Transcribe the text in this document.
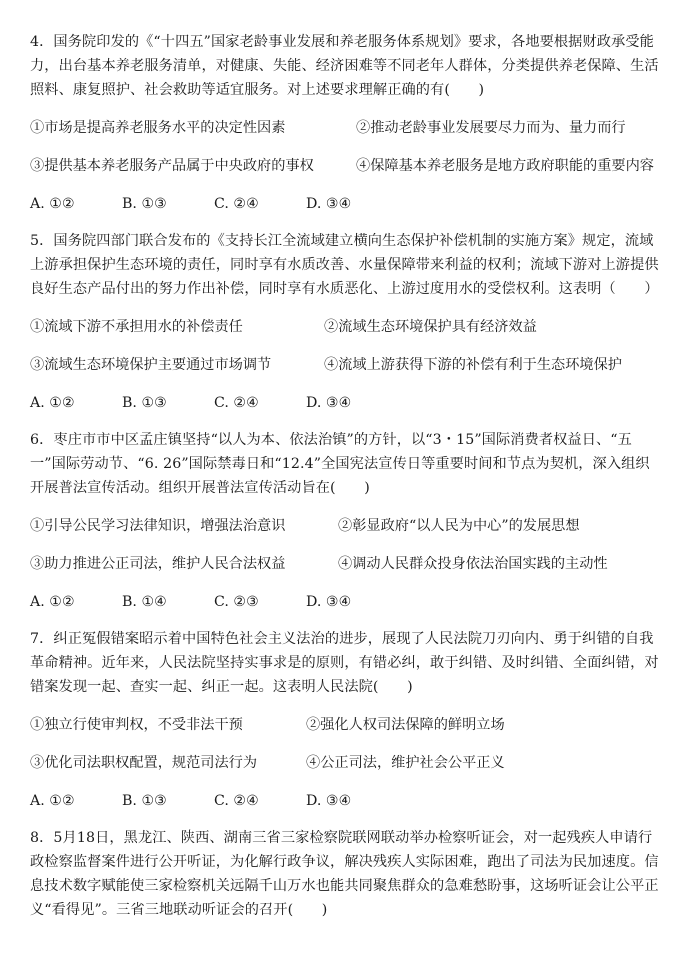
4．国务院印发的《“十四五”国家老龄事业发展和养老服务体系规划》要求，各地要根据财政承受能力，出台基本养老服务清单，对健康、失能、经济困难等不同老年人群体，分类提供养老保障、生活照料、康复照护、社会救助等适宜服务。对上述要求理解正确的有(　　)

①市场是提高养老服务水平的决定性因素	②推动老龄事业发展要尽力而为、量力而行
③提供基本养老服务产品属于中央政府的事权	④保障基本养老服务是地方政府职能的重要内容
A. ①②	B. ①③	C. ②④	D. ③④

5．国务院四部门联合发布的《支持长江全流域建立横向生态保护补偿机制的实施方案》规定，流域上游承担保护生态环境的责任，同时享有水质改善、水量保障带来利益的权利；流域下游对上游提供良好生态产品付出的努力作出补偿，同时享有水质恶化、上游过度用水的受偿权利。这表明（　　）

①流域下游不承担用水的补偿责任	②流域生态环境保护具有经济效益
③流域生态环境保护主要通过市场调节	④流域上游获得下游的补偿有利于生态环境保护
A. ①②	B. ①③	C. ②④	D. ③④

6．枣庄市市中区孟庄镇坚持“以人为本、依法治镇”的方针，以“3・15”国际消费者权益日、“五一”国际劳动节、“6. 26”国际禁毒日和“12.4”全国宪法宣传日等重要时间和节点为契机，深入组织开展普法宣传活动。组织开展普法宣传活动旨在(　　)

①引导公民学习法律知识，增强法治意识	②彰显政府“以人民为中心”的发展思想
③助力推进公正司法，维护人民合法权益	④调动人民群众投身依法治国实践的主动性
A. ①②	B. ①④	C. ②③	D. ③④

7．纠正冤假错案昭示着中国特色社会主义法治的进步，展现了人民法院刀刃向内、勇于纠错的自我革命精神。近年来，人民法院坚持实事求是的原则，有错必纠，敢于纠错、及时纠错、全面纠错，对错案发现一起、查实一起、纠正一起。这表明人民法院(　　)

①独立行使审判权，不受非法干预	②强化人权司法保障的鲜明立场
③优化司法职权配置，规范司法行为	④公正司法，维护社会公平正义
A. ①②	B. ①③	C. ②④	D. ③④

8．5月18日，黑龙江、陕西、湖南三省三家检察院联网联动举办检察听证会，对一起残疾人申请行政检察监督案件进行公开听证，为化解行政争议，解决残疾人实际困难，跑出了司法为民加速度。信息技术数字赋能使三家检察机关远隔千山万水也能共同聚焦群众的急难愁盼事，这场听证会让公平正义“看得见”。三省三地联动听证会的召开(　　)
